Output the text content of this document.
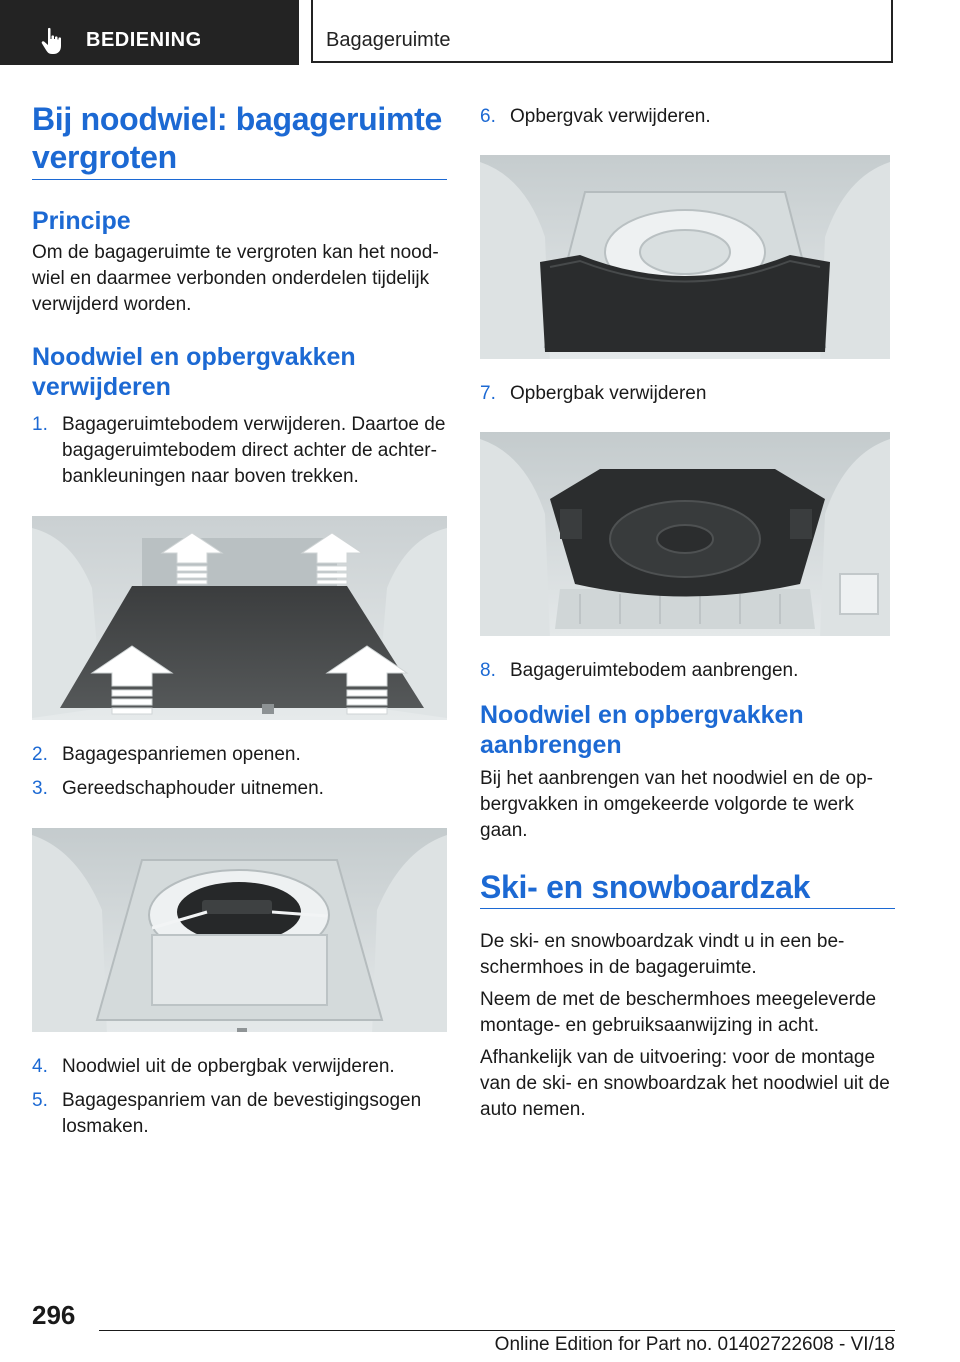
BEDIENING	Bagageruimte
Bij noodwiel: bagageruimte vergroten
Principe

Om de bagageruimte te vergroten kan het noodwiel en daarmee verbonden onderdelen tijdelijk verwijderd worden.

Noodwiel en opbergvakken verwijderen
1. Bagageruimtebodem verwijderen. Daartoe de bagageruimtebodem direct achter de achterbankleuningen naar boven trekken.
2. Bagagespanriemen openen.
3. Gereedschaphouder uitnemen.
4. Noodwiel uit de opbergbak verwijderen.
5. Bagagespanriem van de bevestigingsogen losmaken.
6. Opbergvak verwijderen.
7. Opbergbak verwijderen
8. Bagageruimtebodem aanbrengen.
Noodwiel en opbergvakken aanbrengen

Bij het aanbrengen van het noodwiel en de opbergvakken in omgekeerde volgorde te werk gaan.

Ski- en snowboardzak

De ski- en snowboardzak vindt u in een beschermhoes in de bagageruimte.

Neem de met de beschermhoes meegeleverde montage- en gebruiksaanwijzing in acht.

Afhankelijk van de uitvoering: voor de montage van de ski- en snowboardzak het noodwiel uit de auto nemen.

296
Online Edition for Part no. 01402722608 - VI/18
